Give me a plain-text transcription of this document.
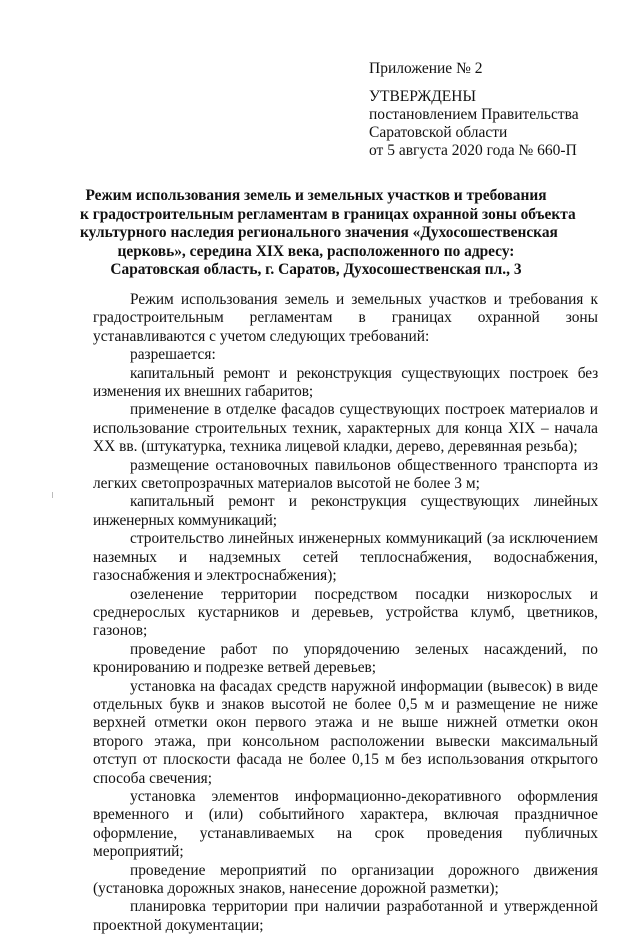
Приложение № 2
УТВЕРЖДЕНЫ
постановлением Правительства
Саратовской области
от 5 августа 2020 года № 660-П
Режим использования земель и земельных участков и требования
к градостроительным регламентам в границах охранной зоны объекта
культурного наследия регионального значения «Духосошественская
церковь», середина XIX века, расположенного по адресу:
Саратовская область, г. Саратов, Духосошественская пл., 3

Режим использования земель и земельных участков и требования к градостроительным регламентам в границах охранной зоны устанавливаются с учетом следующих требований:

разрешается:

капитальный ремонт и реконструкция существующих построек без изменения их внешних габаритов;

применение в отделке фасадов существующих построек материалов и использование строительных техник, характерных для конца XIX – начала XX вв. (штукатурка, техника лицевой кладки, дерево, деревянная резьба);

размещение остановочных павильонов общественного транспорта из легких светопрозрачных материалов высотой не более 3 м;

капитальный ремонт и реконструкция существующих линейных инженерных коммуникаций;

строительство линейных инженерных коммуникаций (за исключением наземных и надземных сетей теплоснабжения, водоснабжения, газоснабжения и электроснабжения);

озеленение территории посредством посадки низкорослых и среднерослых кустарников и деревьев, устройства клумб, цветников, газонов;

проведение работ по упорядочению зеленых насаждений, по кронированию и подрезке ветвей деревьев;

установка на фасадах средств наружной информации (вывесок) в виде отдельных букв и знаков высотой не более 0,5 м и размещение не ниже верхней отметки окон первого этажа и не выше нижней отметки окон второго этажа, при консольном расположении вывески максимальный отступ от плоскости фасада не более 0,15 м без использования открытого способа свечения;

установка элементов информационно-декоративного оформления временного и (или) событийного характера, включая праздничное оформление, устанавливаемых на срок проведения публичных мероприятий;

проведение мероприятий по организации дорожного движения (установка дорожных знаков, нанесение дорожной разметки);

планировка территории при наличии разработанной и утвержденной проектной документации;
